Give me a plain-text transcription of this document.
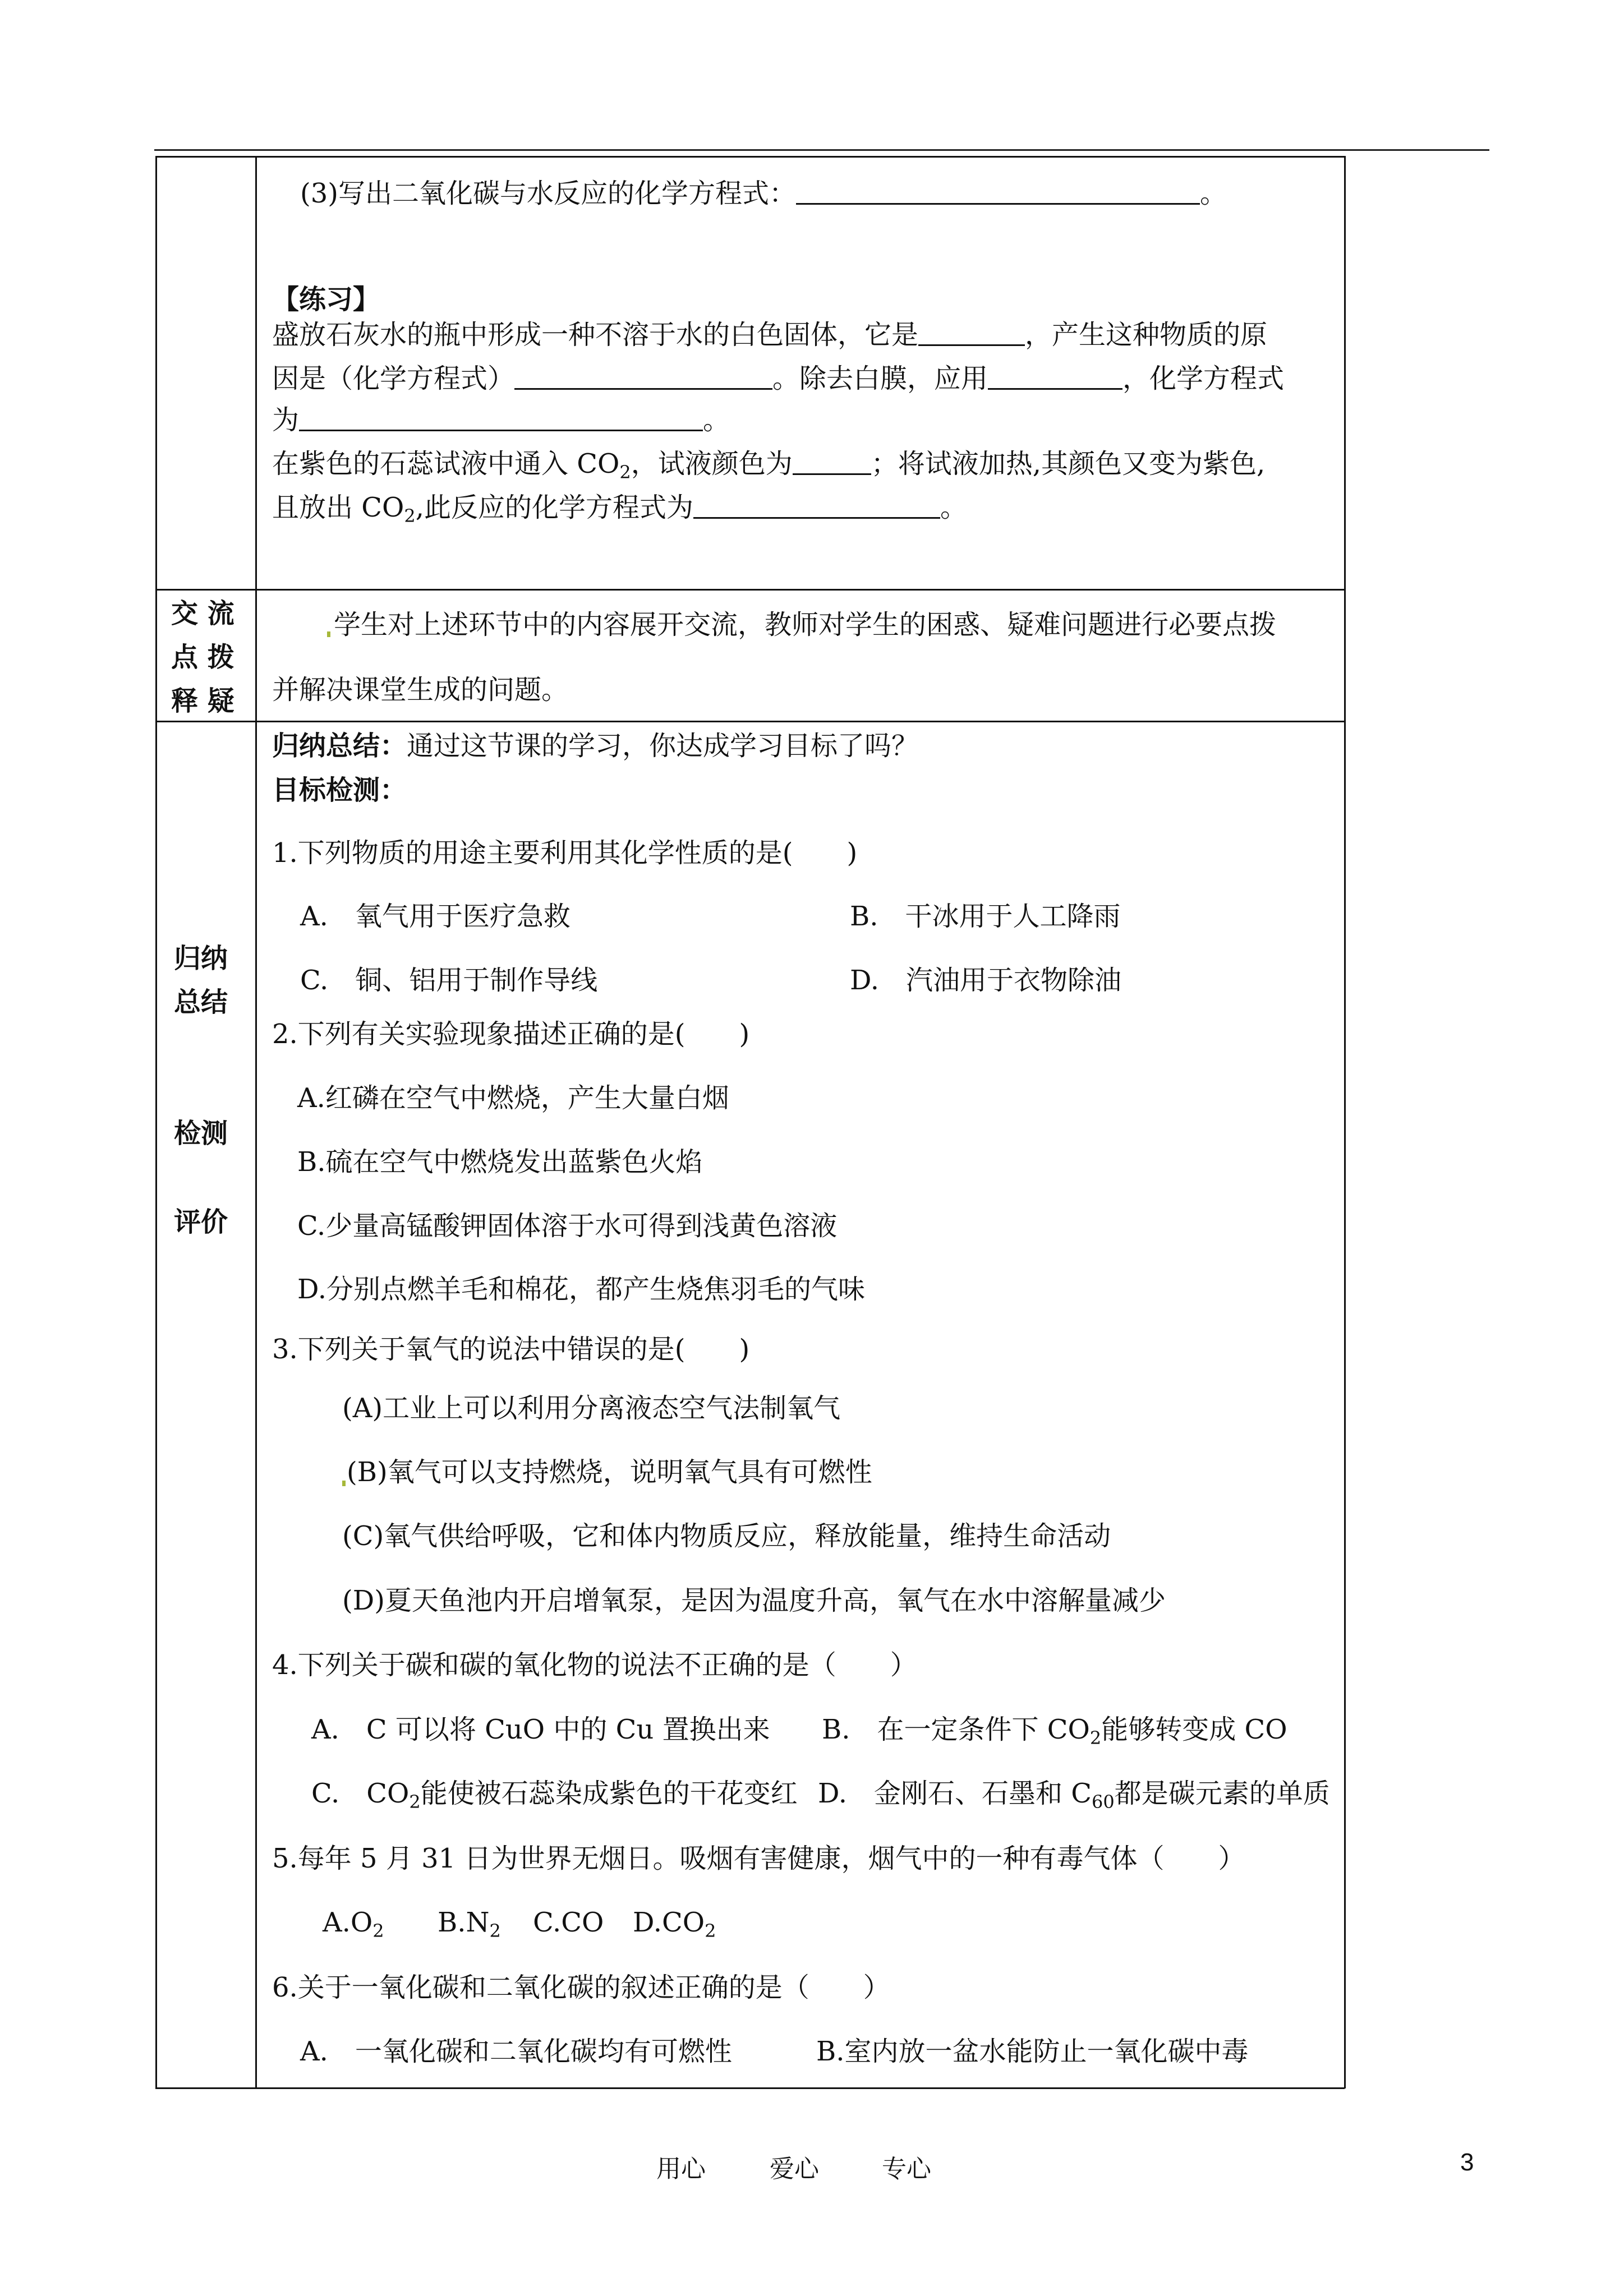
(3)写出二氧化碳与水反应的化学方程式：	。
【练习】
盛放石灰水的瓶中形成一种不溶于水的白色固体，它是	，产生这种物质的原
因是（化学方程式）	。除去白膜，应用	，化学方程式
为	。
在紫色的石蕊试液中通入 $CO_2$，试液颜色为	；将试液加热,其颜色又变为紫色,
且放出 $CO_2$,此反应的化学方程式为	。
交 流
点 拨
释 疑
学生对上述环节中的内容展开交流，教师对学生的困惑、疑难问题进行必要点拨
并解决课堂生成的问题。
归纳
总结
检测
评价
归纳总结：通过这节课的学习，你达成学习目标了吗？
目标检测：
1.下列物质的用途主要利用其化学性质的是(　　)
A.　氧气用于医疗急救	B.　干冰用于人工降雨
C.　铜、铝用于制作导线	D.　汽油用于衣物除油
2.下列有关实验现象描述正确的是(　　)
A.红磷在空气中燃烧，产生大量白烟
B.硫在空气中燃烧发出蓝紫色火焰
C.少量高锰酸钾固体溶于水可得到浅黄色溶液
D.分别点燃羊毛和棉花，都产生烧焦羽毛的气味
3.下列关于氧气的说法中错误的是(　　)
(A)工业上可以利用分离液态空气法制氧气
(B)氧气可以支持燃烧，说明氧气具有可燃性
(C)氧气供给呼吸，它和体内物质反应，释放能量，维持生命活动
(D)夏天鱼池内开启增氧泵，是因为温度升高，氧气在水中溶解量减少
4.下列关于碳和碳的氧化物的说法不正确的是（　　）
A.　C 可以将 CuO 中的 Cu 置换出来 B.　在一定条件下 $CO_2$能够转变成 CO
C.　$CO_2$能使被石蕊染成紫色的干花变红 D.　金刚石、石墨和 $C_{60}$都是碳元素的单质
5.每年 5 月 31 日为世界无烟日。吸烟有害健康，烟气中的一种有毒气体（　　）
$A.O_2$ $B.N_2$ C.CO $D.CO_2$
6.关于一氧化碳和二氧化碳的叙述正确的是（　　）
A.　一氧化碳和二氧化碳均有可燃性	B.室内放一盆水能防止一氧化碳中毒
用心	爱心	专心	3
